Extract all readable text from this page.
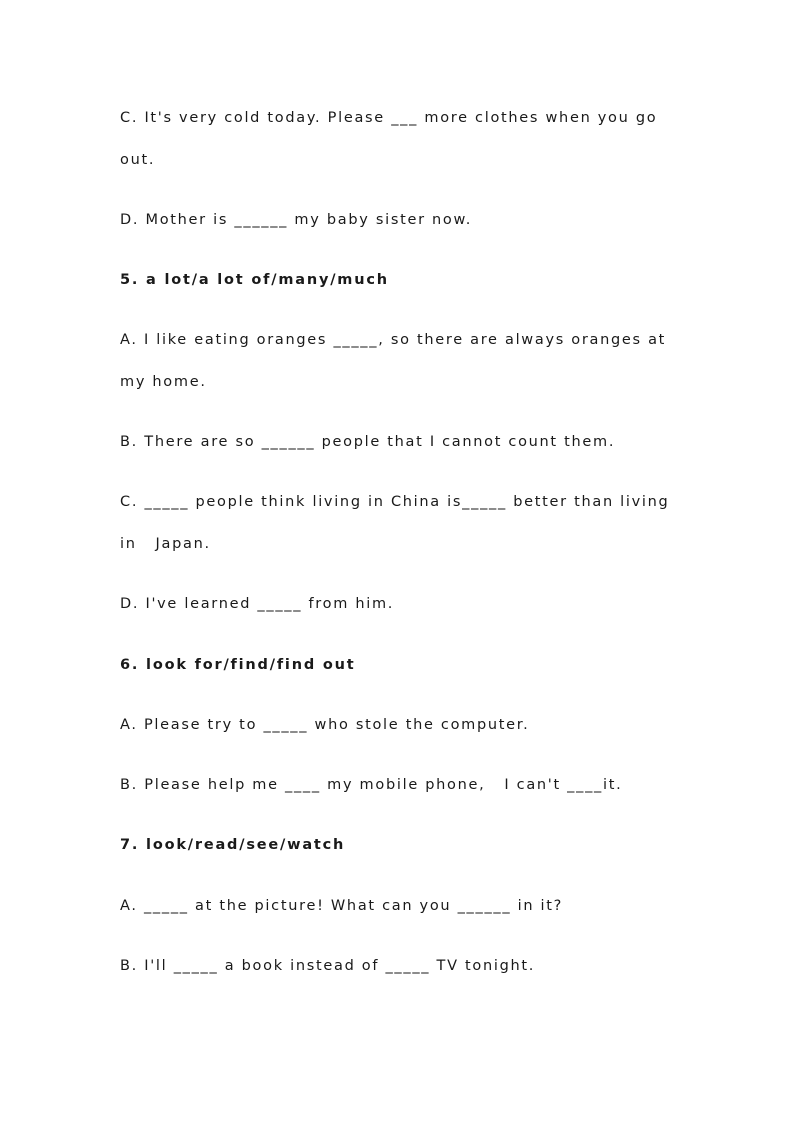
C. It's very cold today. Please ___ more clothes when you go

out.

D. Mother is ______ my baby sister now.

5. a lot/a lot of/many/much

A. I like eating oranges _____, so there are always oranges at

my home.

B. There are so ______ people that I cannot count them.

C. _____ people think living in China is_____ better than living

in   Japan.

D. I've learned _____ from him.

6. look for/find/find out

A. Please try to _____ who stole the computer.

B. Please help me ____ my mobile phone,   I can't ____it.

7. look/read/see/watch

A. _____ at the picture! What can you ______ in it?

B. I'll _____ a book instead of _____ TV tonight.
